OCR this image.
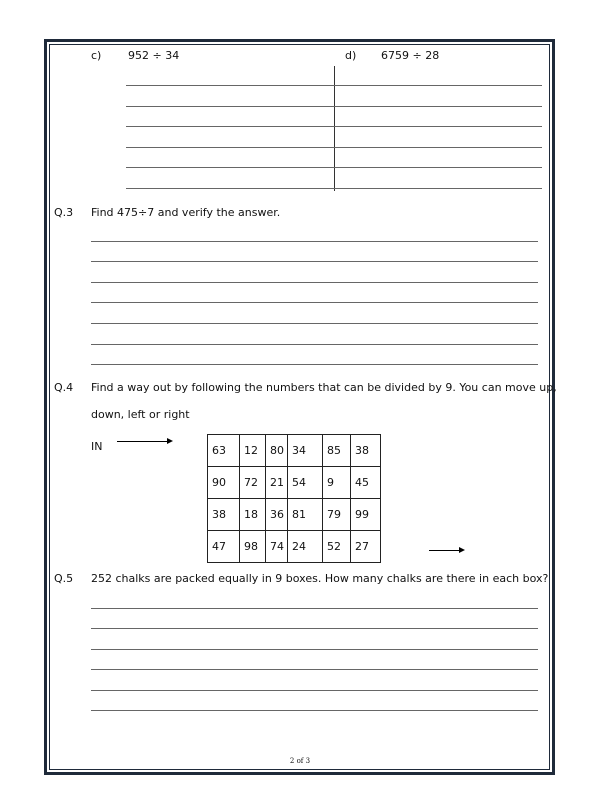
c) 952 ÷ 34	d) 6759 ÷ 28
Q.3 Find 475÷7 and verify the answer.
Q.4 Find a way out by following the numbers that can be divided by 9. You can move up,
down, left or right
IN	63	12	80	34	85	38
90	72	21	54	9	45
38	18	36	81	79	99
47	98	74	24	52	27
Q.5 252 chalks are packed equally in 9 boxes. How many chalks are there in each box?
2 of 3
